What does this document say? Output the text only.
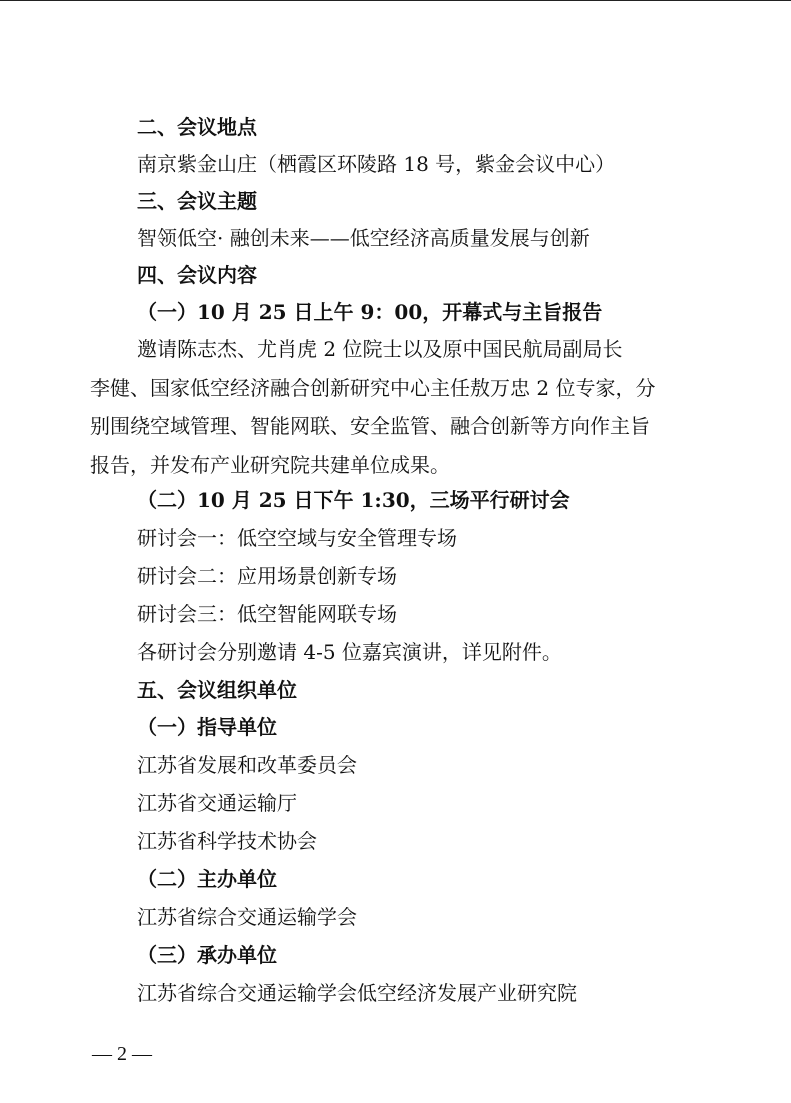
二、会议地点
南京紫金山庄（栖霞区环陵路 18 号，紫金会议中心）
三、会议主题
智领低空· 融创未来——低空经济高质量发展与创新
四、会议内容
（一）10 月 25 日上午 9：00，开幕式与主旨报告
邀请陈志杰、尤肖虎 2 位院士以及原中国民航局副局长
李健、国家低空经济融合创新研究中心主任敖万忠 2 位专家，分
别围绕空域管理、智能网联、安全监管、融合创新等方向作主旨
报告，并发布产业研究院共建单位成果。
（二）10 月 25 日下午 1:30，三场平行研讨会
研讨会一：低空空域与安全管理专场
研讨会二：应用场景创新专场
研讨会三：低空智能网联专场
各研讨会分别邀请 4-5 位嘉宾演讲，详见附件。
五、会议组织单位
（一）指导单位
江苏省发展和改革委员会
江苏省交通运输厅
江苏省科学技术协会
（二）主办单位
江苏省综合交通运输学会
（三）承办单位
江苏省综合交通运输学会低空经济发展产业研究院
— 2 —
